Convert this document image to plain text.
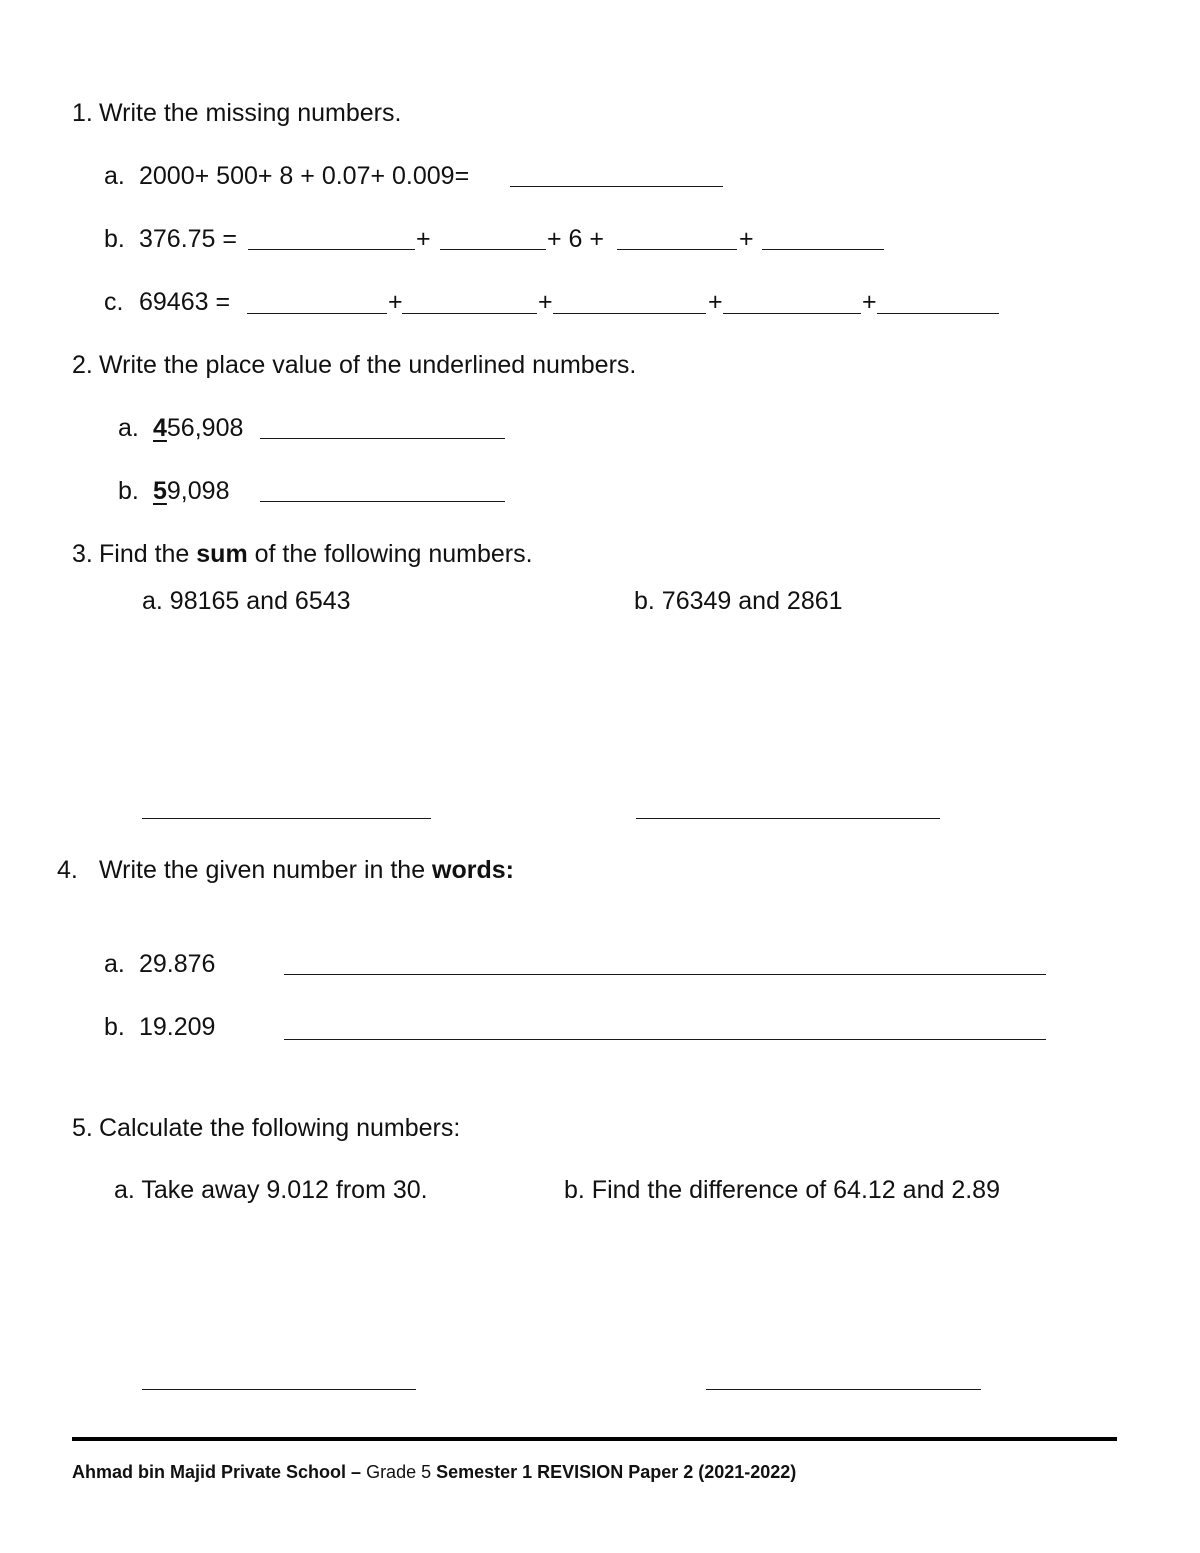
1. Write the missing numbers.
a. 2000+ 500+ 8 + 0.07+ 0.009=
b. 376.75 =	+	+ 6 +	+
c. 69463 =	+	+	+	+
2. Write the place value of the underlined numbers.
a. 456,908
b. 59,098
3. Find the sum of the following numbers.
a. 98165 and 6543	b. 76349 and 2861
4. Write the given number in the words:
a. 29.876
b. 19.209
5. Calculate the following numbers:
a. Take away 9.012 from 30.	b. Find the difference of 64.12 and 2.89
Ahmad bin Majid Private School – Grade 5 Semester 1 REVISION Paper 2 (2021-2022)
